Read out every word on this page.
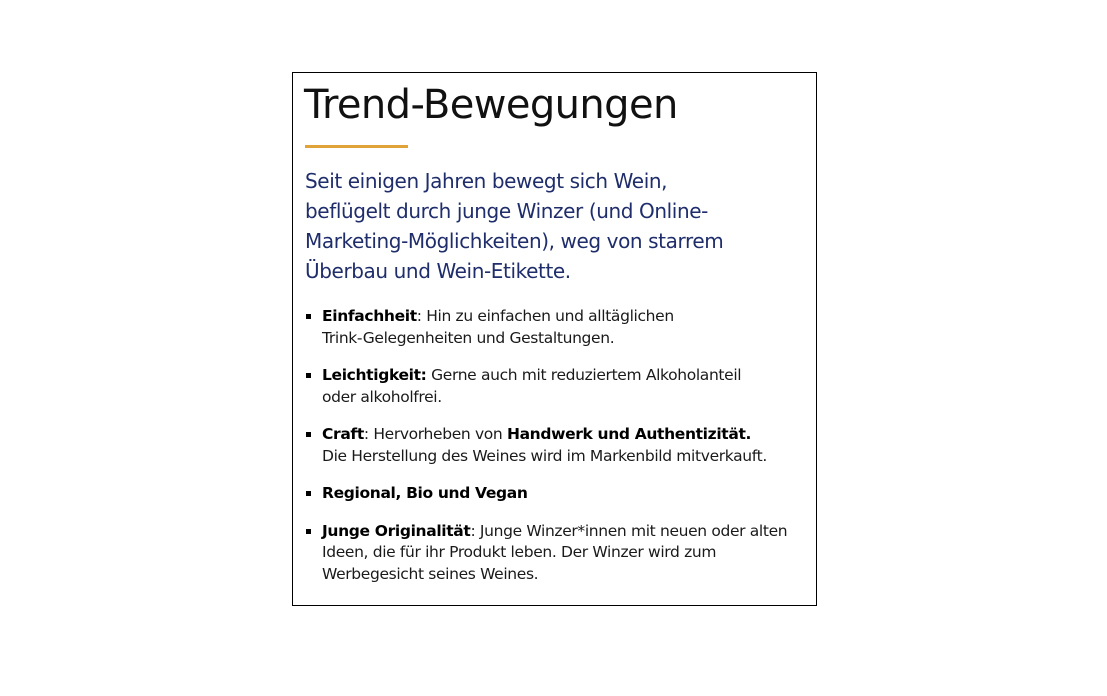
Trend-Bewegungen

Seit einigen Jahren bewegt sich Wein,
beflügelt durch junge Winzer (und Online-
Marketing-Möglichkeiten), weg von starrem
Überbau und Wein-Etikette.

Einfachheit: Hin zu einfachen und alltäglichen
Trink-Gelegenheiten und Gestaltungen.
Leichtigkeit: Gerne auch mit reduziertem Alkoholanteil
oder alkoholfrei.
Craft: Hervorheben von Handwerk und Authentizität.
Die Herstellung des Weines wird im Markenbild mitverkauft.
Regional, Bio und Vegan
Junge Originalität: Junge Winzer*innen mit neuen oder alten
Ideen, die für ihr Produkt leben. Der Winzer wird zum
Werbegesicht seines Weines.
